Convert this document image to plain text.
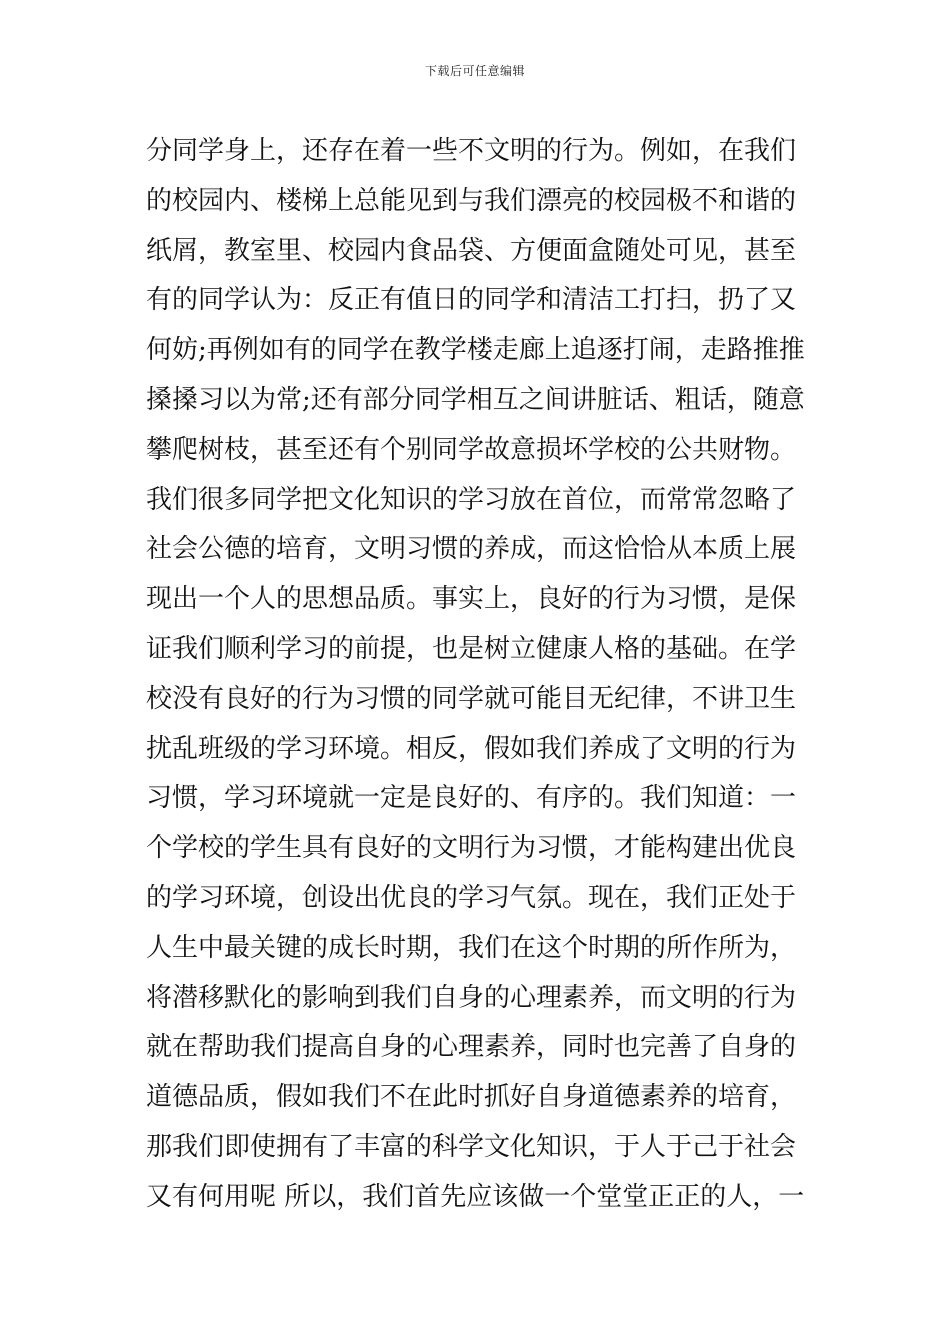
下载后可任意编辑
分同学身上，还存在着一些不文明的行为。例如，在我们
的校园内、楼梯上总能见到与我们漂亮的校园极不和谐的
纸屑，教室里、校园内食品袋、方便面盒随处可见，甚至
有的同学认为：反正有值日的同学和清洁工打扫，扔了又
何妨;再例如有的同学在教学楼走廊上追逐打闹，走路推推
搡搡习以为常;还有部分同学相互之间讲脏话、粗话，随意
攀爬树枝，甚至还有个别同学故意损坏学校的公共财物。
我们很多同学把文化知识的学习放在首位，而常常忽略了
社会公德的培育，文明习惯的养成，而这恰恰从本质上展
现出一个人的思想品质。事实上，良好的行为习惯，是保
证我们顺利学习的前提，也是树立健康人格的基础。在学
校没有良好的行为习惯的同学就可能目无纪律，不讲卫生
扰乱班级的学习环境。相反，假如我们养成了文明的行为
习惯，学习环境就一定是良好的、有序的。我们知道：一
个学校的学生具有良好的文明行为习惯，才能构建出优良
的学习环境，创设出优良的学习气氛。现在，我们正处于
人生中最关键的成长时期，我们在这个时期的所作所为，
将潜移默化的影响到我们自身的心理素养，而文明的行为
就在帮助我们提高自身的心理素养，同时也完善了自身的
道德品质，假如我们不在此时抓好自身道德素养的培育，
那我们即使拥有了丰富的科学文化知识，于人于己于社会
又有何用呢 所以，我们首先应该做一个堂堂正正的人，一
